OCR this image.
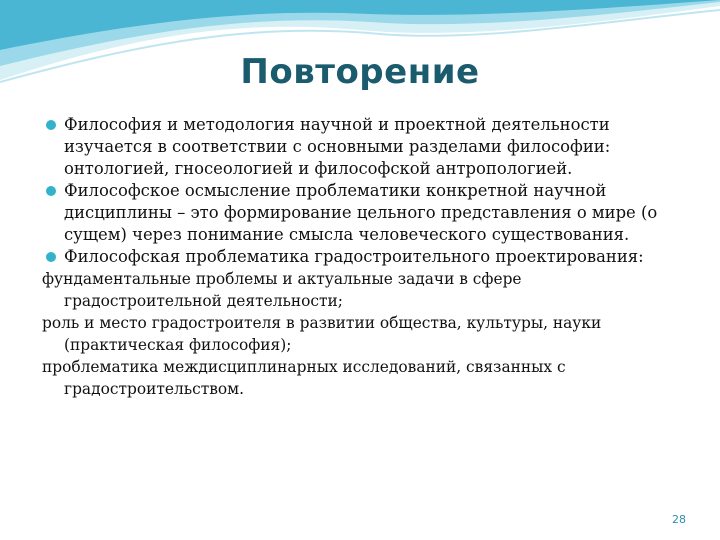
Повторение

Философия и методология научной и проектной деятельности изучается в соответствии с основными разделами философии: онтологией, гносеологией и философской антропологией.

Философское осмысление проблематики конкретной научной дисциплины – это формирование цельного представления о мире (о сущем) через понимание смысла человеческого существования.

Философская проблематика градостроительного проектирования:

фундаментальные проблемы и актуальные задачи в сфере градостроительной деятельности;

роль и место градостроителя в развитии общества, культуры, науки (практическая философия);

проблематика междисциплинарных исследований, связанных с градостроительством.

28
